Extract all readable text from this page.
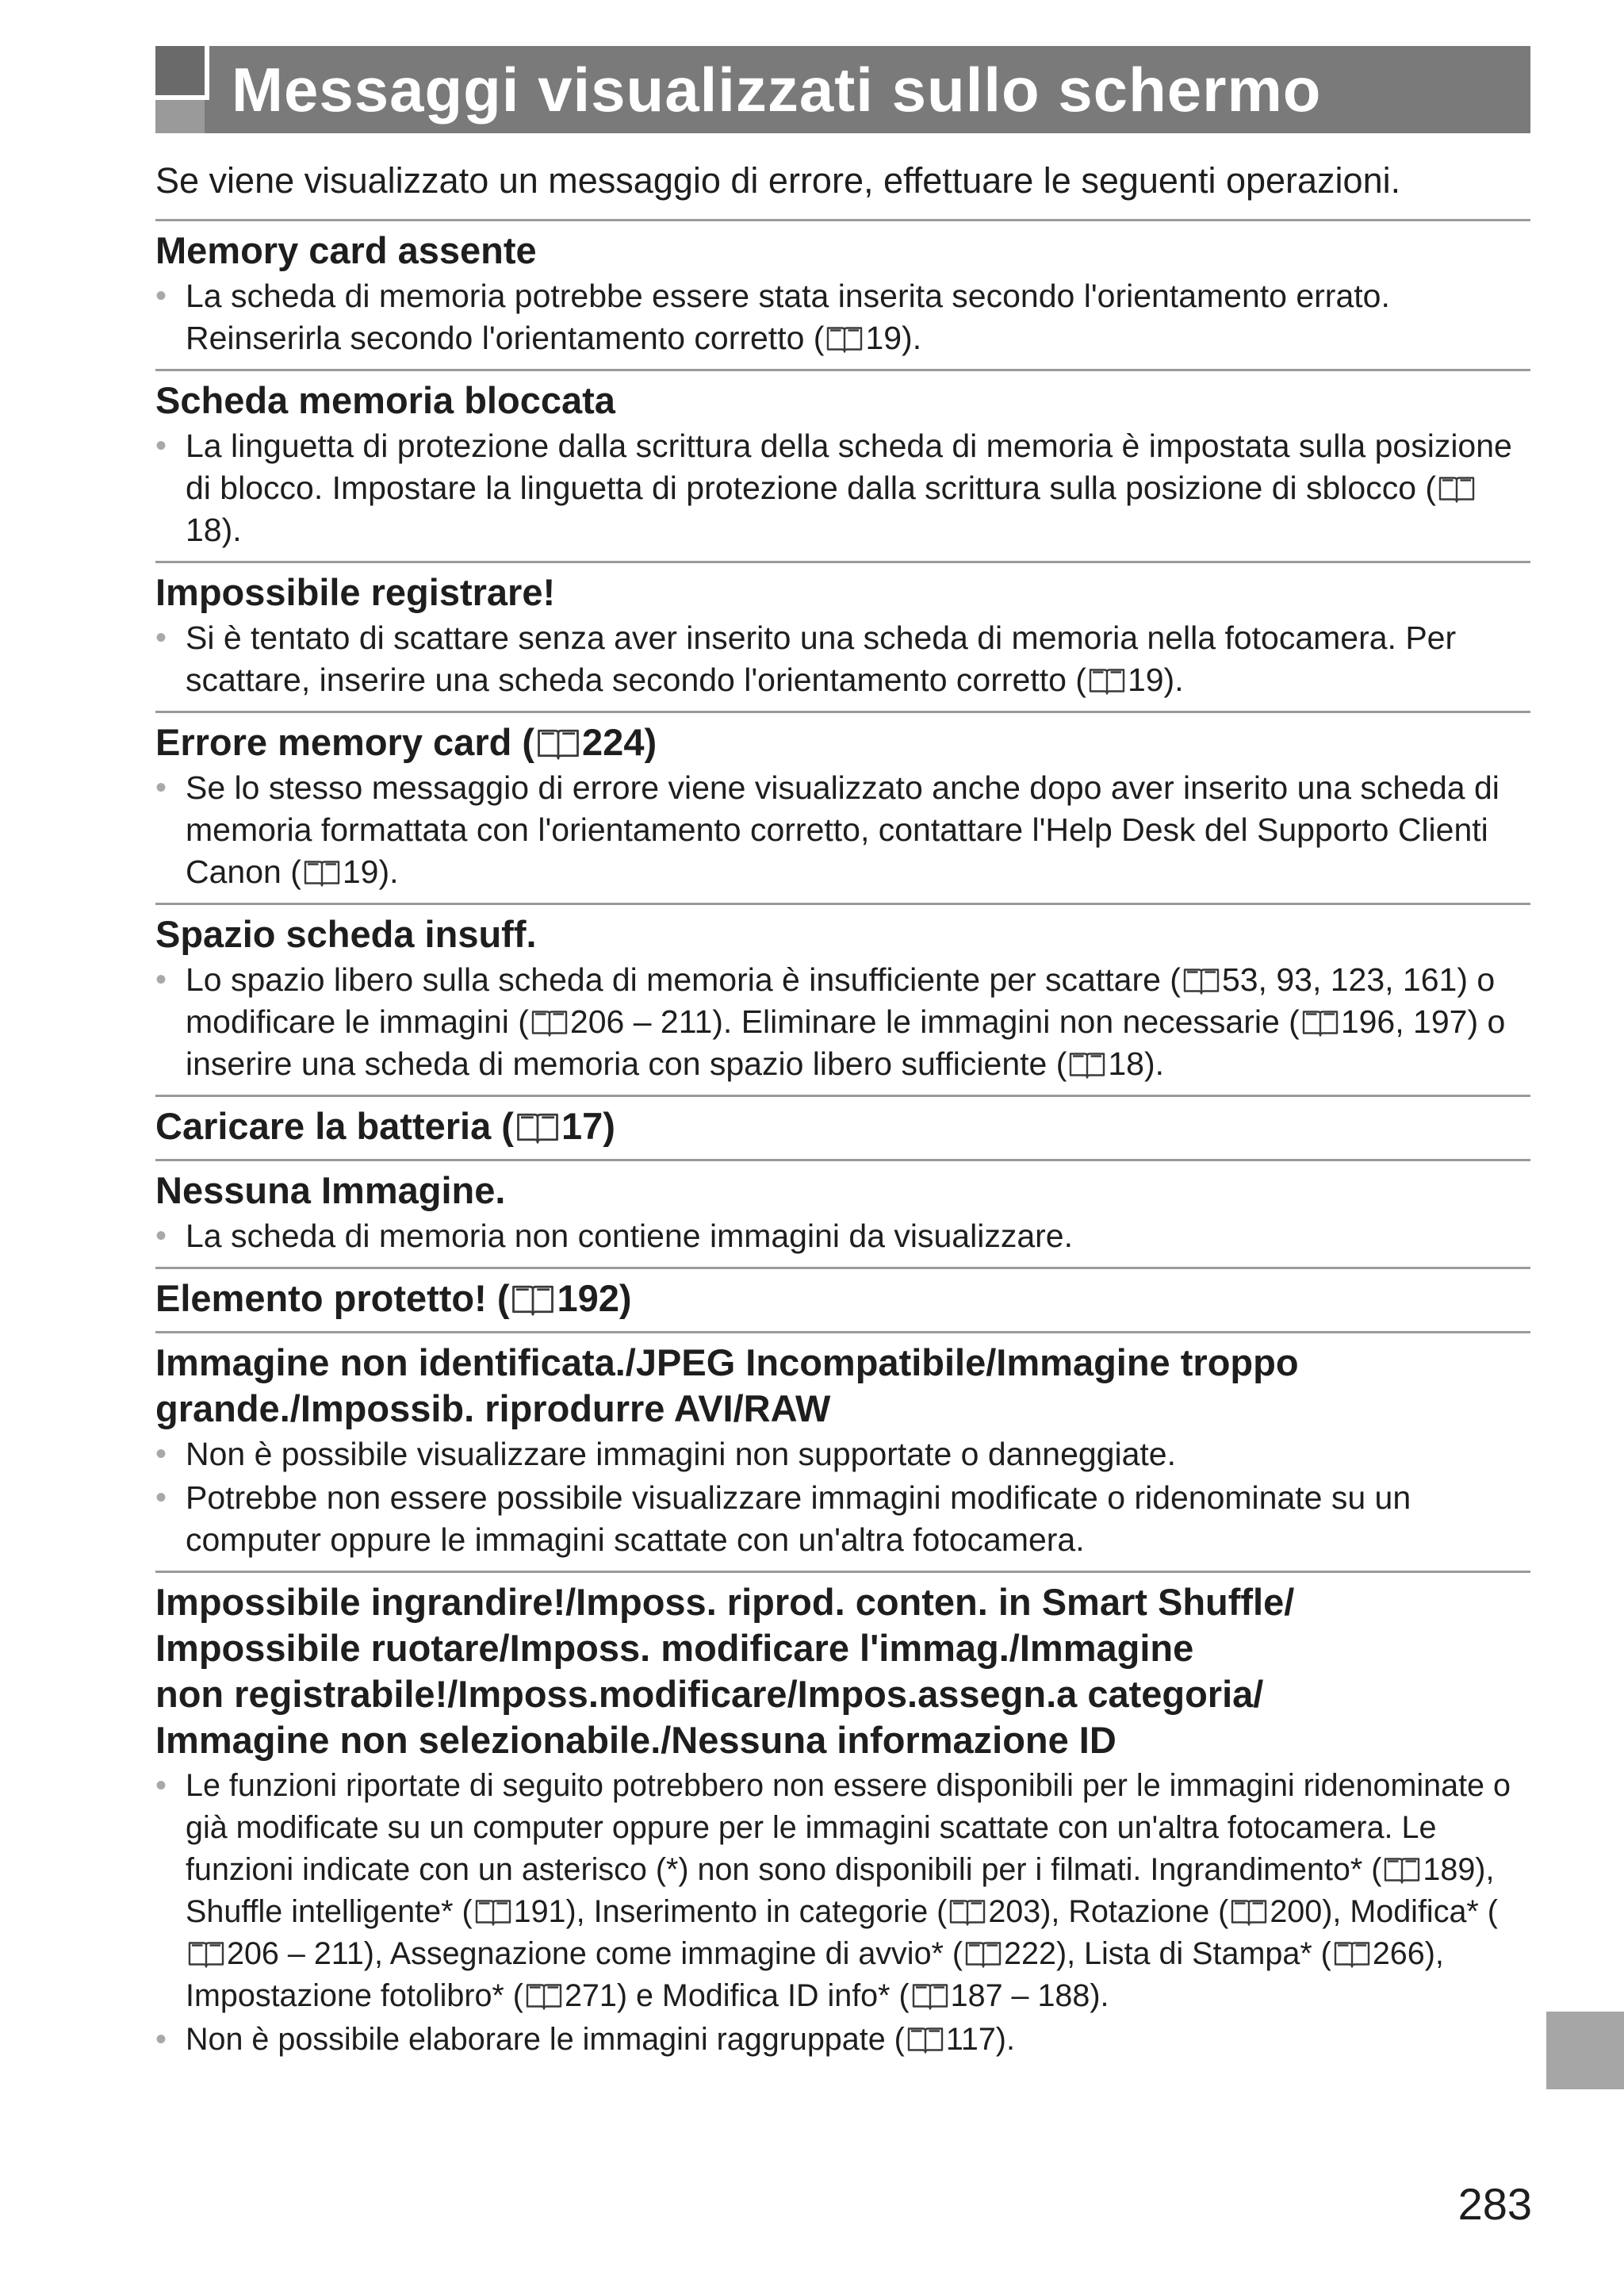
Messaggi visualizzati sullo schermo

Se viene visualizzato un messaggio di errore, effettuare le seguenti operazioni.

Memory card assente
• La scheda di memoria potrebbe essere stata inserita secondo l'orientamento errato. Reinserirla secondo l'orientamento corretto ( 19).
Scheda memoria bloccata
• La linguetta di protezione dalla scrittura della scheda di memoria è impostata sulla posizione di blocco. Impostare la linguetta di protezione dalla scrittura sulla posizione di sblocco (18).
Impossibile registrare!
• Si è tentato di scattare senza aver inserito una scheda di memoria nella fotocamera. Per scattare, inserire una scheda secondo l'orientamento corretto ( 19).
Errore memory card ( 224)
• Se lo stesso messaggio di errore viene visualizzato anche dopo aver inserito una scheda di memoria formattata con l'orientamento corretto, contattare l'Help Desk del Supporto Clienti Canon ( 19).
Spazio scheda insuff.
• Lo spazio libero sulla scheda di memoria è insufficiente per scattare ( 53, 93, 123, 161) o modificare le immagini ( 206 – 211). Eliminare le immagini non necessarie ( 196, 197) o inserire una scheda di memoria con spazio libero sufficiente ( 18).
Caricare la batteria ( 17)
Nessuna Immagine.
• La scheda di memoria non contiene immagini da visualizzare.
Elemento protetto! ( 192)
Immagine non identificata./JPEG Incompatibile/Immagine troppo grande./Impossib. riprodurre AVI/RAW
• Non è possibile visualizzare immagini non supportate o danneggiate.
• Potrebbe non essere possibile visualizzare immagini modificate o ridenominate su un computer oppure le immagini scattate con un'altra fotocamera.
Impossibile ingrandire!/Imposs. riprod. conten. in Smart Shuffle/
Impossibile ruotare/Imposs. modificare l'immag./Immagine
non registrabile!/Imposs.modificare/Impos.assegn.a categoria/
Immagine non selezionabile./Nessuna informazione ID
• Le funzioni riportate di seguito potrebbero non essere disponibili per le immagini ridenominate o già modificate su un computer oppure per le immagini scattate con un'altra fotocamera. Le funzioni indicate con un asterisco (*) non sono disponibili per i filmati. Ingrandimento* ( 189), Shuffle intelligente* ( 191), Inserimento in categorie ( 203), Rotazione ( 200), Modifica* (206 – 211), Assegnazione come immagine di avvio* ( 222), Lista di Stampa* ( 266), Impostazione fotolibro* ( 271) e Modifica ID info* ( 187 – 188).
• Non è possibile elaborare le immagini raggruppate ( 117).

283
